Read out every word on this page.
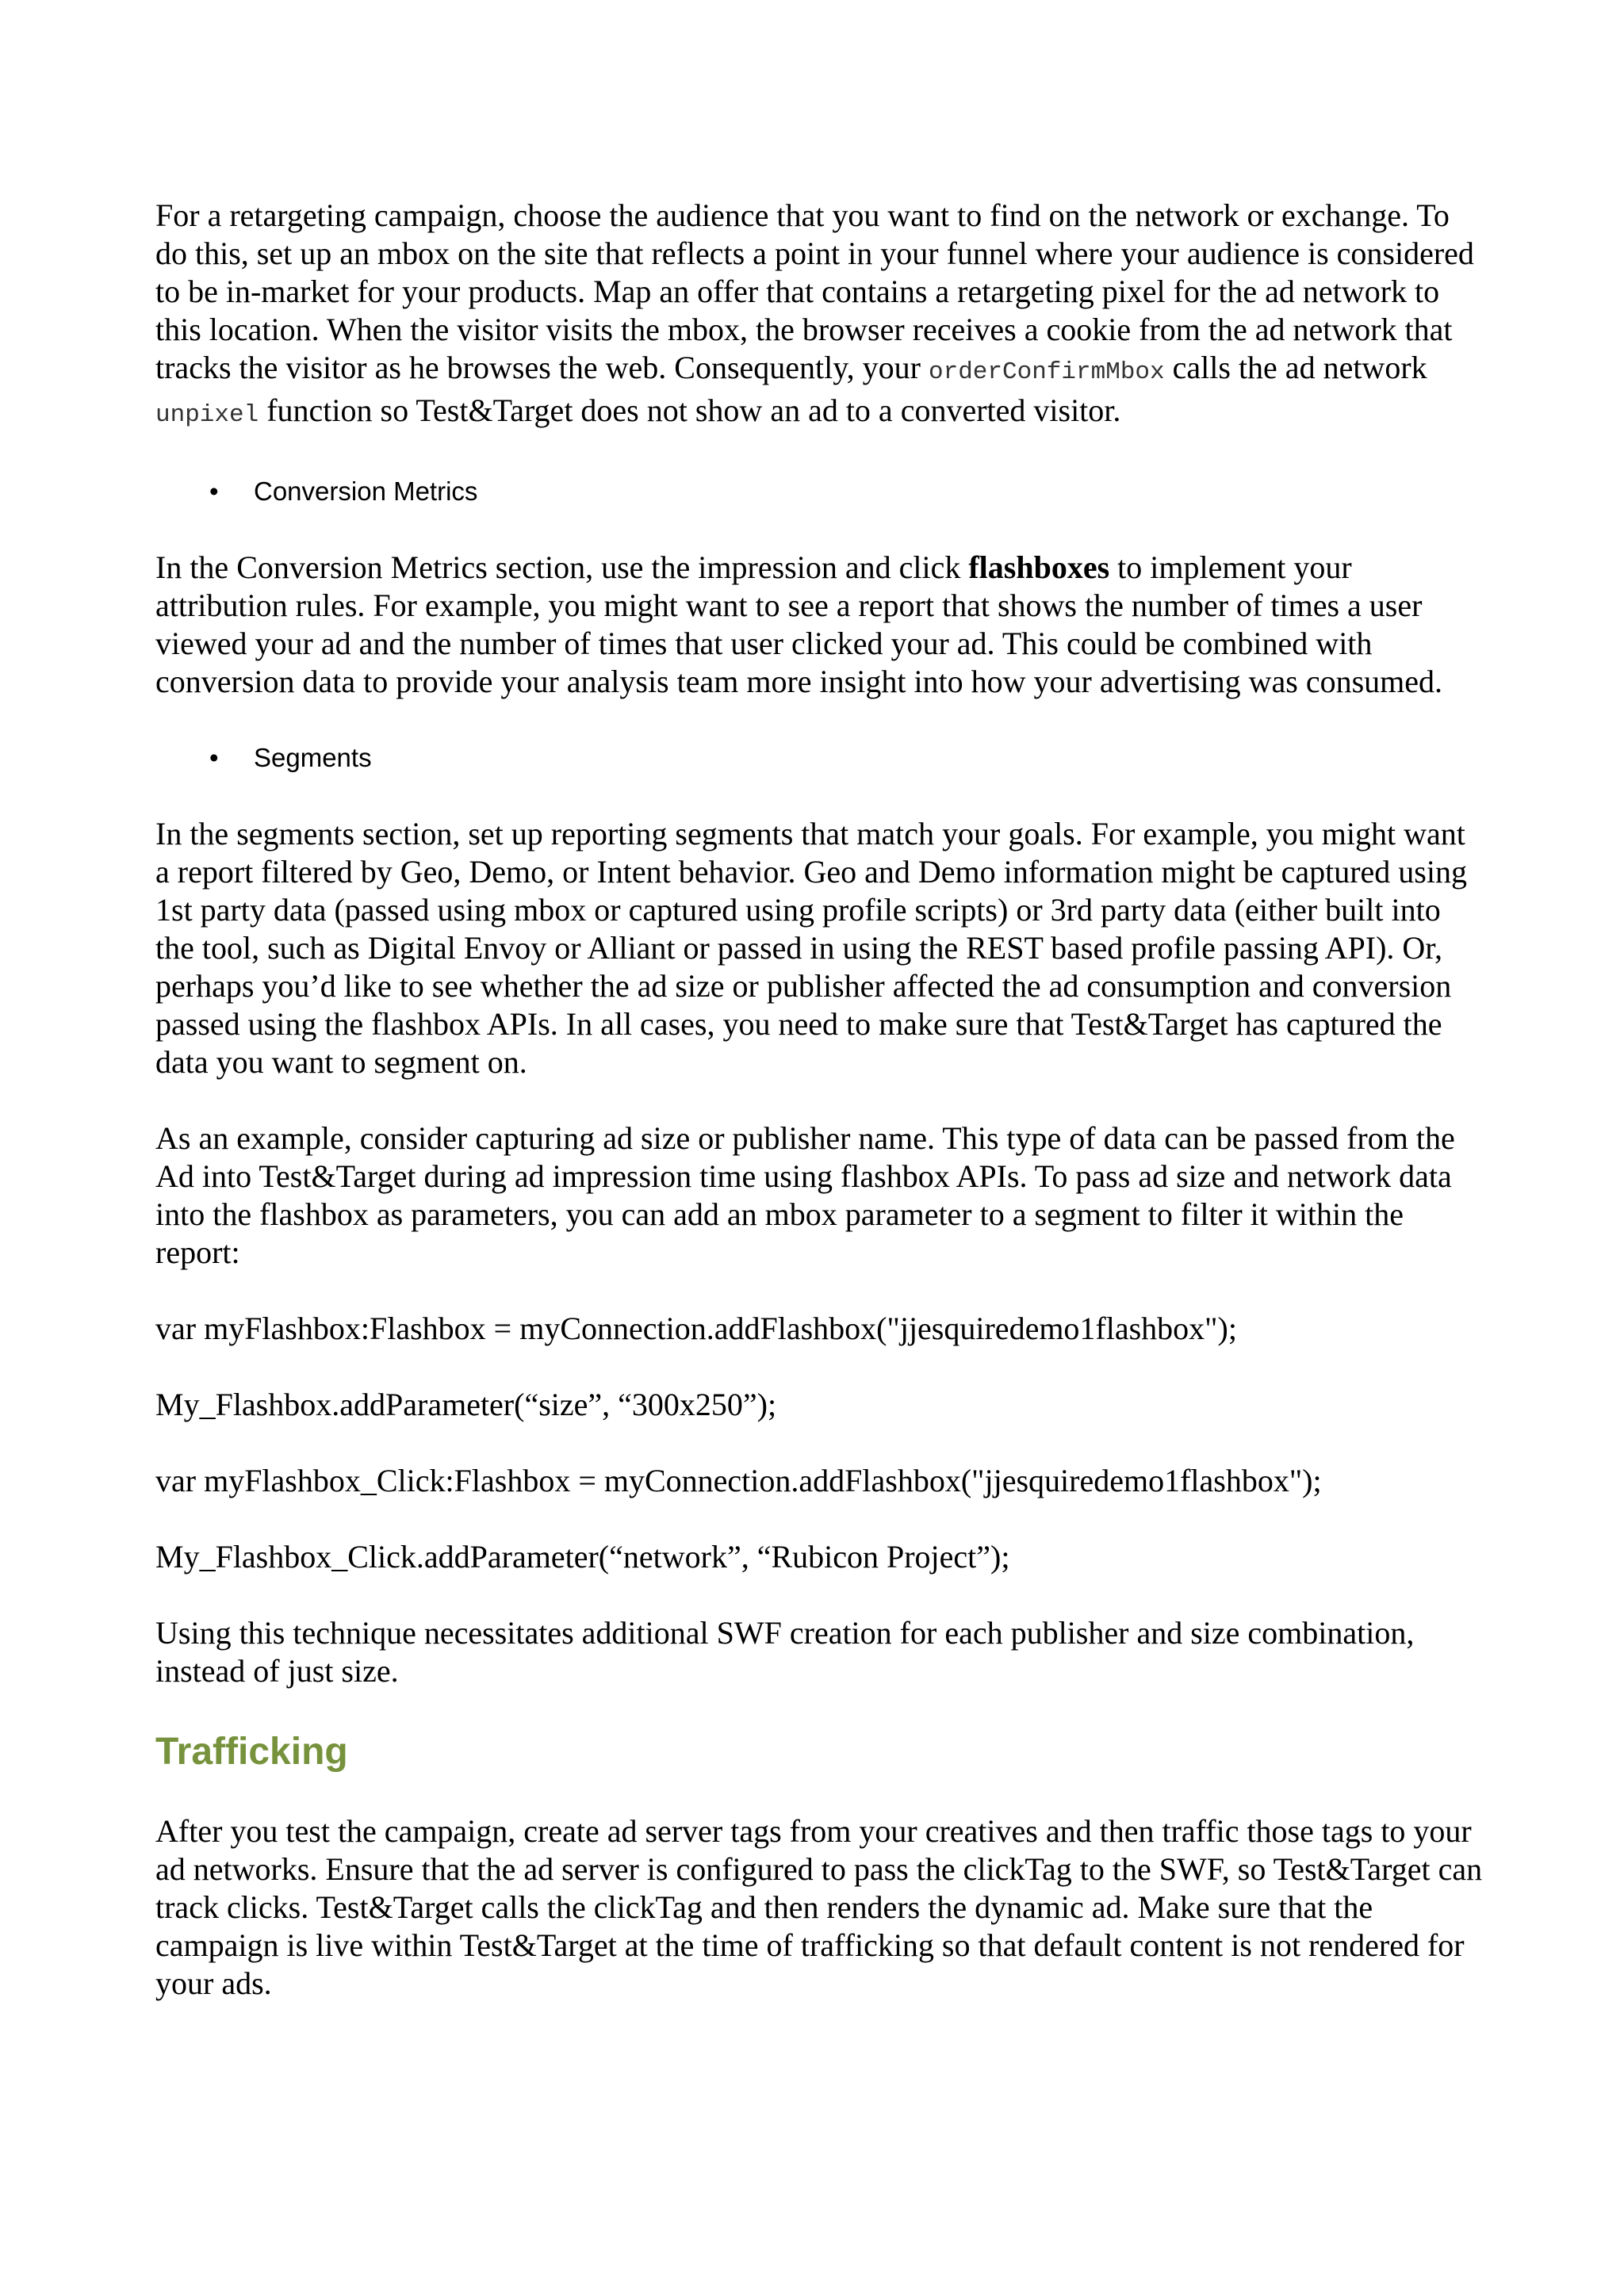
For a retargeting campaign, choose the audience that you want to find on the network or exchange. To do this, set up an mbox on the site that reflects a point in your funnel where your audience is considered to be in-market for your products. Map an offer that contains a retargeting pixel for the ad network to this location. When the visitor visits the mbox, the browser receives a cookie from the ad network that tracks the visitor as he browses the web. Consequently, your orderConfirmMbox calls the ad network unpixel function so Test&Target does not show an ad to a converted visitor.

• Conversion Metrics

In the Conversion Metrics section, use the impression and click flashboxes to implement your attribution rules. For example, you might want to see a report that shows the number of times a user viewed your ad and the number of times that user clicked your ad. This could be combined with conversion data to provide your analysis team more insight into how your advertising was consumed.

• Segments

In the segments section, set up reporting segments that match your goals. For example, you might want a report filtered by Geo, Demo, or Intent behavior. Geo and Demo information might be captured using 1st party data (passed using mbox or captured using profile scripts) or 3rd party data (either built into the tool, such as Digital Envoy or Alliant or passed in using the REST based profile passing API). Or, perhaps you’d like to see whether the ad size or publisher affected the ad consumption and conversion passed using the flashbox APIs. In all cases, you need to make sure that Test&Target has captured the data you want to segment on.

As an example, consider capturing ad size or publisher name. This type of data can be passed from the Ad into Test&Target during ad impression time using flashbox APIs. To pass ad size and network data into the flashbox as parameters, you can add an mbox parameter to a segment to filter it within the report:

var myFlashbox:Flashbox = myConnection.addFlashbox("jjesquiredemo1flashbox");

My_Flashbox.addParameter(“size”, “300x250”);

var myFlashbox_Click:Flashbox = myConnection.addFlashbox("jjesquiredemo1flashbox");

My_Flashbox_Click.addParameter(“network”, “Rubicon Project”);

Using this technique necessitates additional SWF creation for each publisher and size combination, instead of just size.

Trafficking

After you test the campaign, create ad server tags from your creatives and then traffic those tags to your ad networks. Ensure that the ad server is configured to pass the clickTag to the SWF, so Test&Target can track clicks. Test&Target calls the clickTag and then renders the dynamic ad. Make sure that the campaign is live within Test&Target at the time of trafficking so that default content is not rendered for your ads.
